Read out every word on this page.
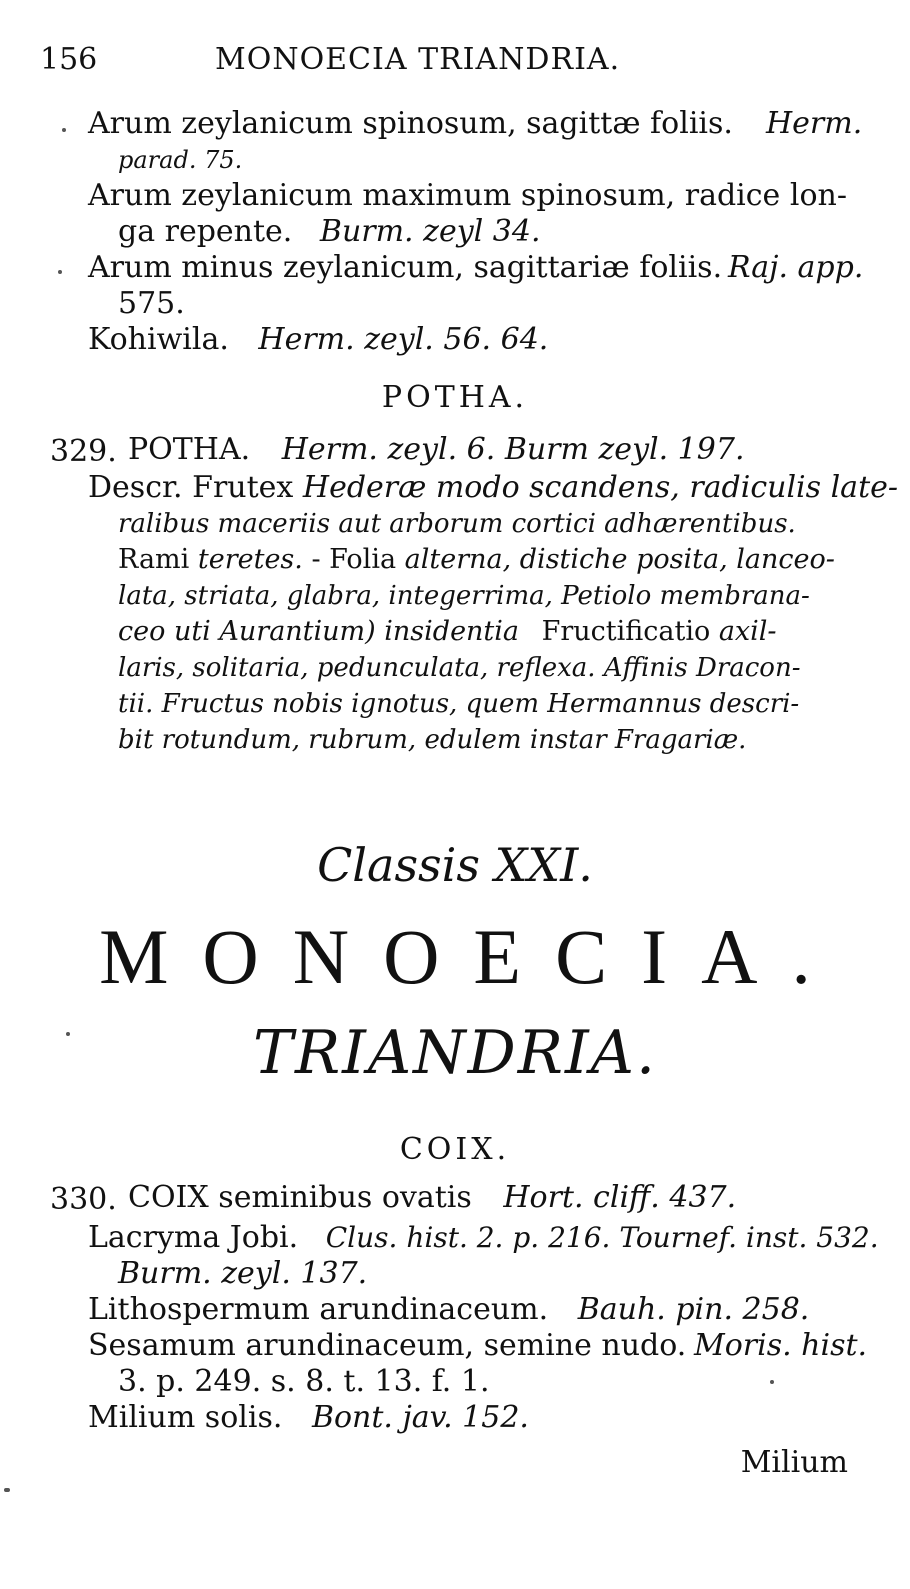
156	MONOECIA TRIANDRIA.
Arum zeylanicum spinosum, sagittæ foliis. Herm.
parad. 75.
Arum zeylanicum maximum spinosum, radice lon-
ga repente. Burm. zeyl 34.
Arum minus zeylanicum, sagittariæ foliis. Raj. app.
575.
Kohiwila. Herm. zeyl. 56. 64.
POTHA.
329. POTHA. Herm. zeyl. 6. Burm zeyl. 197.
Descr. Frutex Hederæ modo scandens, radiculis late-
ralibus maceriis aut arborum cortici adhærentibus.
Rami teretes. - Folia alterna, distiche posita, lanceo-
lata, striata, glabra, integerrima, Petiolo membrana-
ceo uti Aurantium) insidentia Fructificatio axil-
laris, solitaria, pedunculata, reflexa. Affinis Dracon-
tii. Fructus nobis ignotus, quem Hermannus descri-
bit rotundum, rubrum, edulem instar Fragariæ.
Classis XXI.
MONOECIA.
TRIANDRIA.
COIX.
330. COIX seminibus ovatis Hort. cliff. 437.
Lacryma Jobi. Clus. hist. 2. p. 216. Tournef. inst. 532.
Burm. zeyl. 137.
Lithospermum arundinaceum. Bauh. pin. 258.
Sesamum arundinaceum, semine nudo. Moris. hist.
3. p. 249. s. 8. t. 13. f. 1.
Milium solis. Bont. jav. 152.
Milium
